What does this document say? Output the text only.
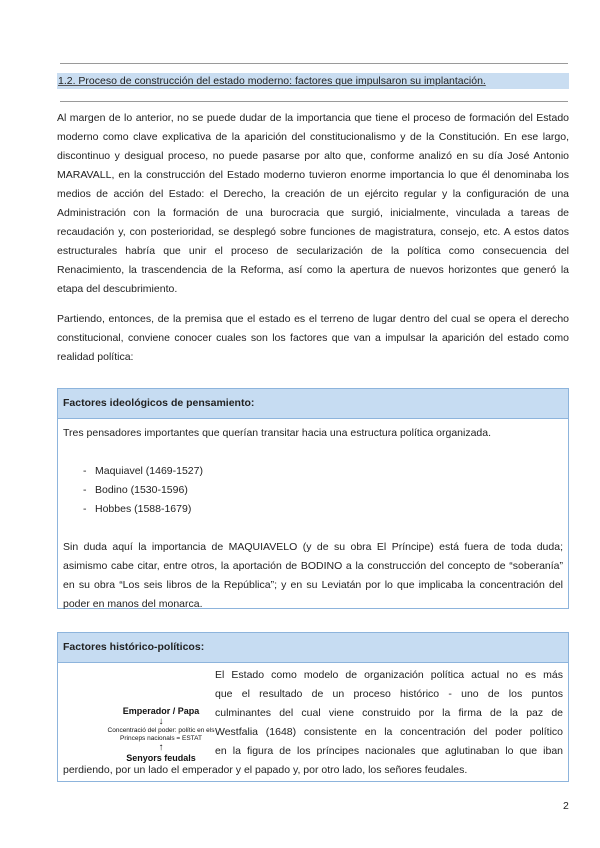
1.2. Proceso de construcción del estado moderno: factores que impulsaron su implantación.

Al margen de lo anterior, no se puede dudar de la importancia que tiene el proceso de formación del Estado moderno como clave explicativa de la aparición del constitucionalismo y de la Constitución. En ese largo, discontinuo y desigual proceso, no puede pasarse por alto que, conforme analizó en su día José Antonio MARAVALL, en la construcción del Estado moderno tuvieron enorme importancia lo que él denominaba los medios de acción del Estado: el Derecho, la creación de un ejército regular y la configuración de una Administración con la formación de una burocracia que surgió, inicialmente, vinculada a tareas de recaudación y, con posterioridad, se desplegó sobre funciones de magistratura, consejo, etc. A estos datos estructurales habría que unir el proceso de secularización de la política como consecuencia del Renacimiento, la trascendencia de la Reforma, así como la apertura de nuevos horizontes que generó la etapa del descubrimiento.

Partiendo, entonces, de la premisa que el estado es el terreno de lugar dentro del cual se opera el derecho constitucional, conviene conocer cuales son los factores que van a impulsar la aparición del estado como realidad política:

Factores ideológicos de pensamiento:

Tres pensadores importantes que querían transitar hacia una estructura política organizada.

- Maquiavel (1469-1527)
- Bodino (1530-1596)
- Hobbes (1588-1679)

Sin duda aquí la importancia de MAQUIAVELO (y de su obra El Príncipe) está fuera de toda duda; asimismo cabe citar, entre otros, la aportación de BODINO a la construcción del concepto de “soberanía” en su obra “Los seis libros de la República”; y en su Leviatán por lo que implicaba la concentración del poder en manos del monarca.

Factores histórico-políticos:
Emperador / Papa
↓
Concentració del poder: polític en els
Princeps nacionals = ESTAT
↑
Senyors feudals
El Estado como modelo de organización política actual no es más
que el resultado de un proceso histórico - uno de los puntos
culminantes del cual viene construido por la firma de la paz de
Westfalia (1648) consistente en la concentración del poder político
en la figura de los príncipes nacionales que aglutinaban lo que iban
perdiendo, por un lado el emperador y el papado y, por otro lado, los señores feudales.
2
